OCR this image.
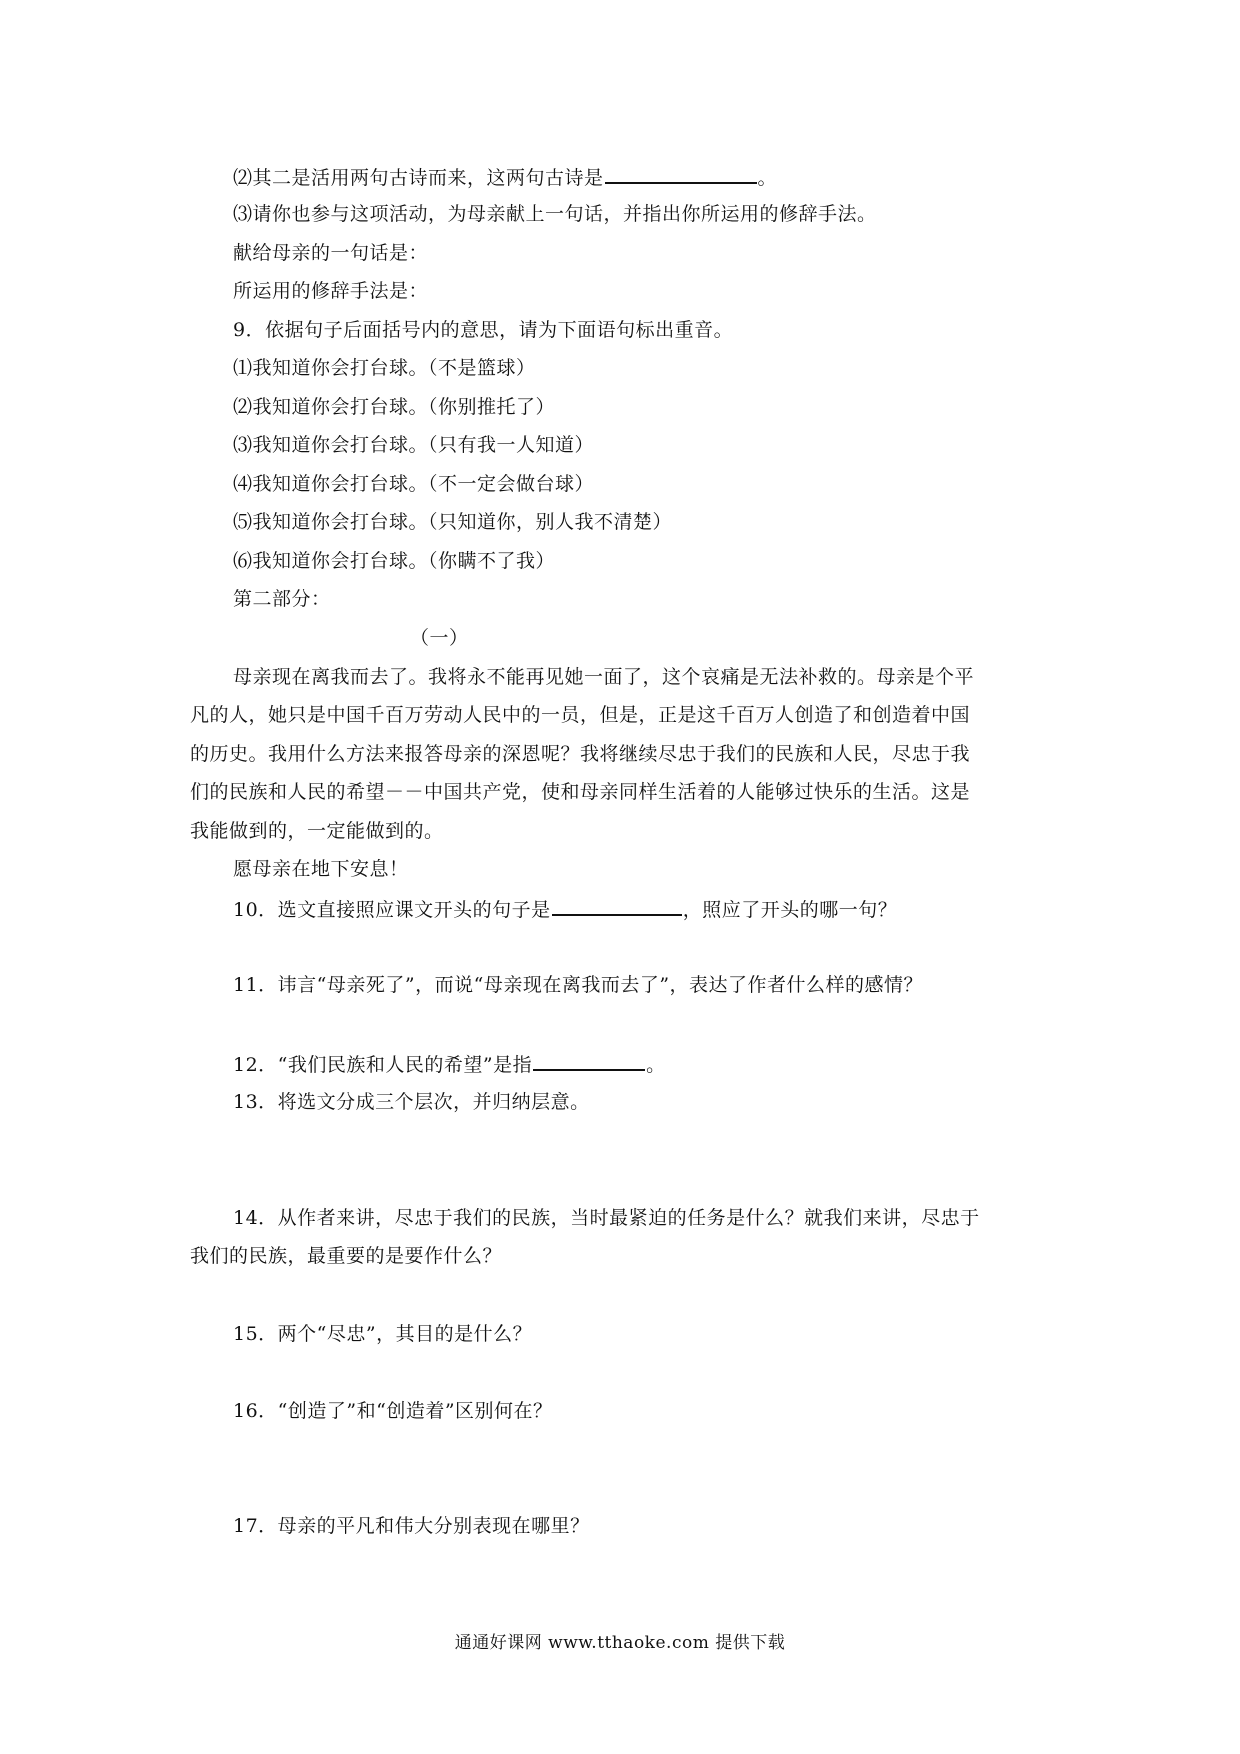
⑵其二是活用两句古诗而来，这两句古诗是	。
⑶请你也参与这项活动，为母亲献上一句话，并指出你所运用的修辞手法。
献给母亲的一句话是：
所运用的修辞手法是：
9．依据句子后面括号内的意思，请为下面语句标出重音。
⑴我知道你会打台球。（不是篮球）
⑵我知道你会打台球。（你别推托了）
⑶我知道你会打台球。（只有我一人知道）
⑷我知道你会打台球。（不一定会做台球）
⑸我知道你会打台球。（只知道你，别人我不清楚）
⑹我知道你会打台球。（你瞒不了我）
第二部分：
（一）
母亲现在离我而去了。我将永不能再见她一面了，这个哀痛是无法补救的。母亲是个平
凡的人，她只是中国千百万劳动人民中的一员，但是，正是这千百万人创造了和创造着中国
的历史。我用什么方法来报答母亲的深恩呢？我将继续尽忠于我们的民族和人民，尽忠于我
们的民族和人民的希望－－中国共产党，使和母亲同样生活着的人能够过快乐的生活。这是
我能做到的，一定能做到的。
愿母亲在地下安息！
10．选文直接照应课文开头的句子是	，照应了开头的哪一句？
11．讳言“母亲死了”，而说“母亲现在离我而去了”，表达了作者什么样的感情？
12．“我们民族和人民的希望”是指	。
13．将选文分成三个层次，并归纳层意。
14．从作者来讲，尽忠于我们的民族，当时最紧迫的任务是什么？就我们来讲，尽忠于
我们的民族，最重要的是要作什么？
15．两个“尽忠”，其目的是什么？
16．“创造了”和“创造着”区别何在？
17．母亲的平凡和伟大分别表现在哪里？
通通好课网 www.tthaoke.com 提供下载
